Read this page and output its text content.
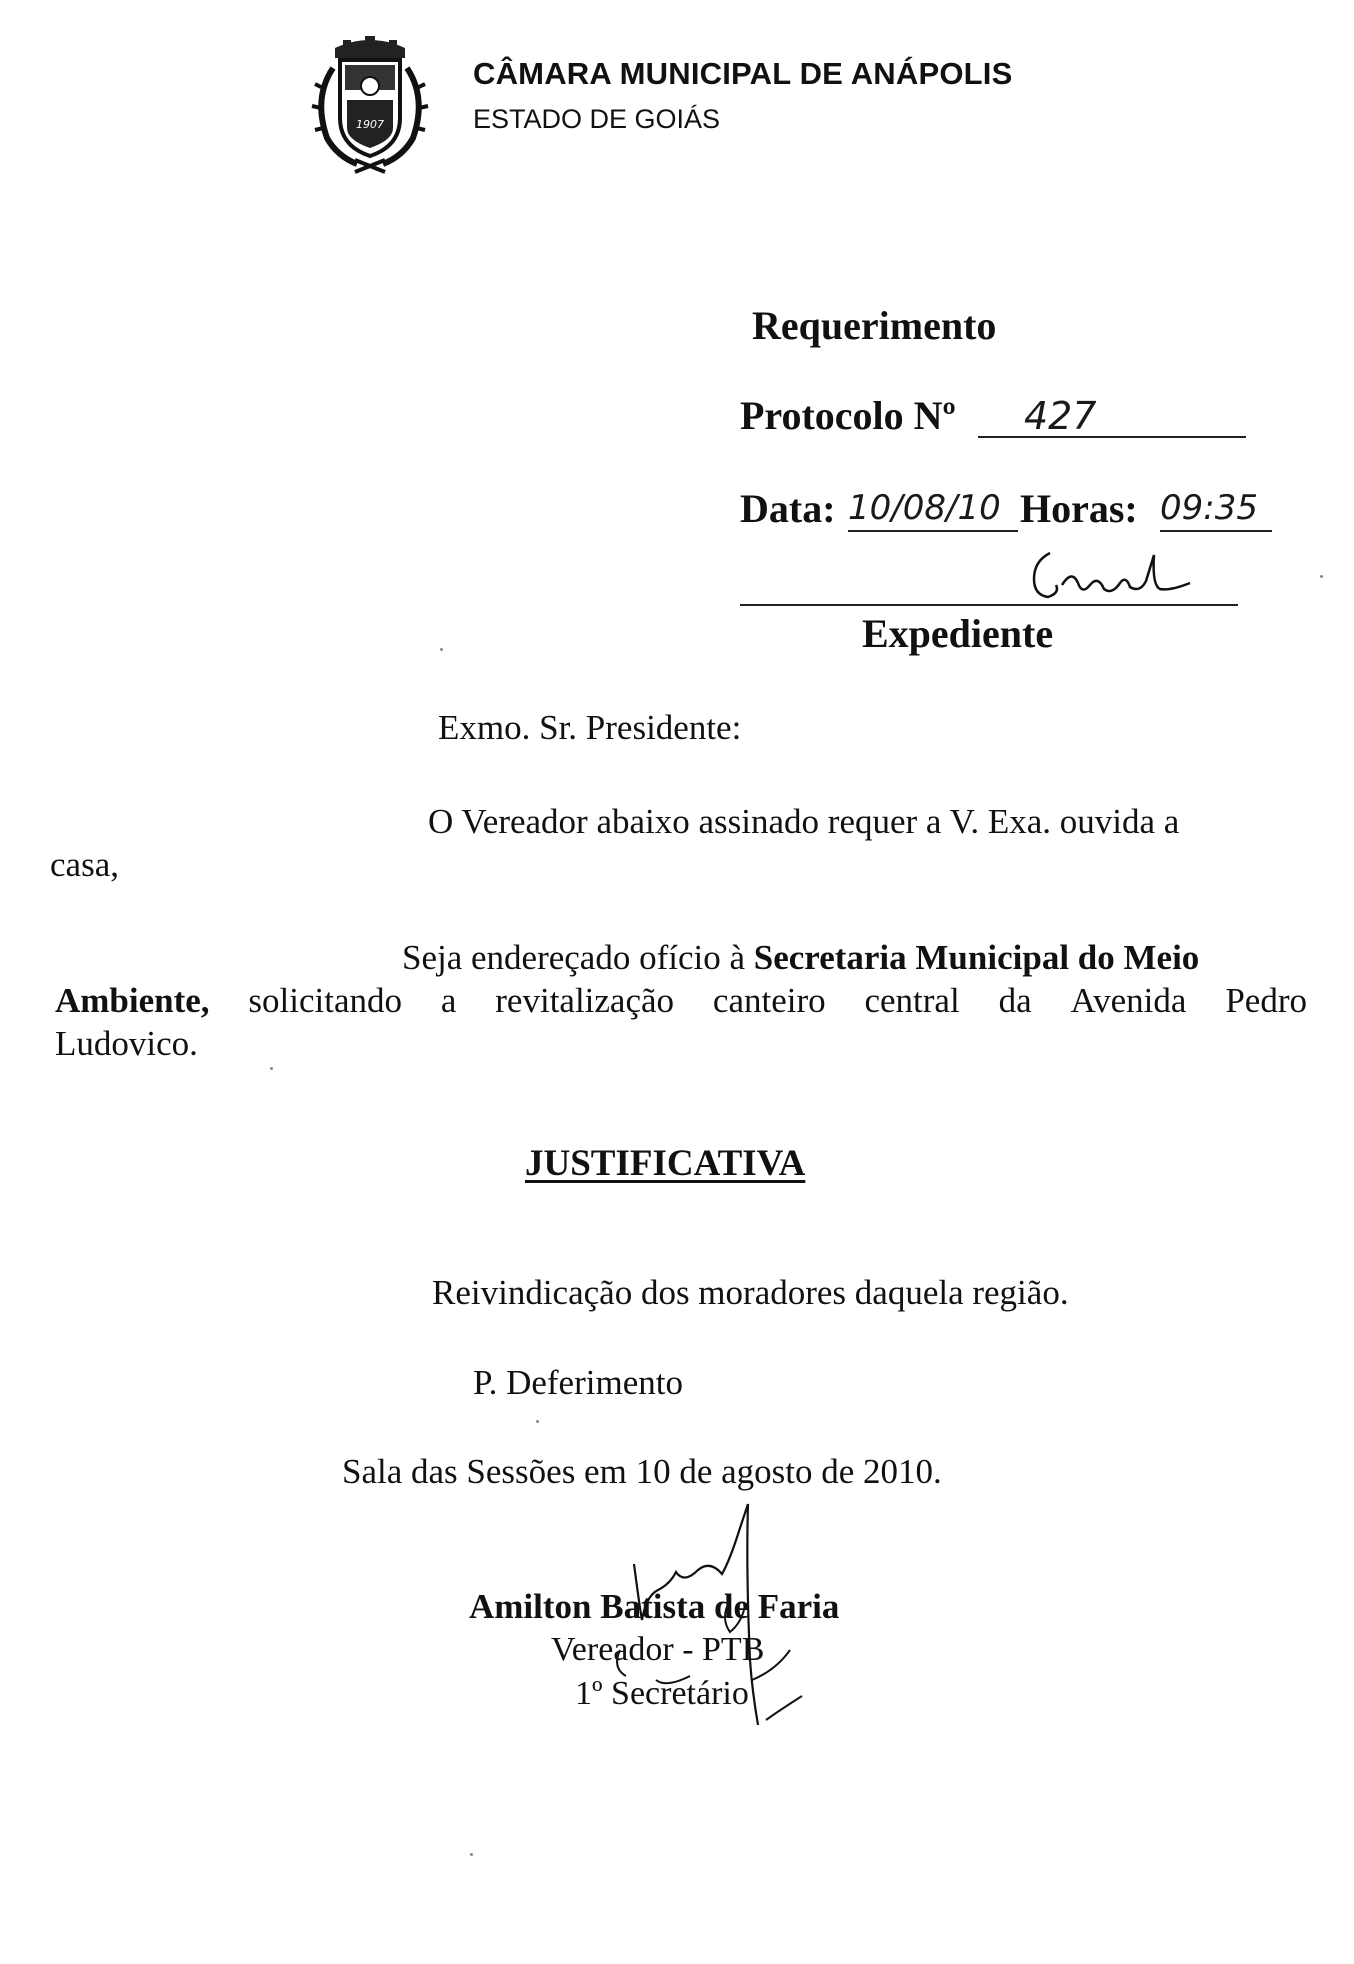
1907
CÂMARA MUNICIPAL DE ANÁPOLIS
ESTADO DE GOIÁS
Requerimento
Protocolo Nº 427
Data: 10/08/10 Horas: 09:35
Expediente
Exmo. Sr. Presidente:
O Vereador abaixo assinado requer a V. Exa. ouvida a
casa,
Seja endereçado ofício à Secretaria Municipal do Meio
Ambiente, solicitando a revitalização canteiro central da Avenida Pedro
Ludovico.
JUSTIFICATIVA
Reivindicação dos moradores daquela região.
P. Deferimento
Sala das Sessões em 10 de agosto de 2010.
Amilton Batista de Faria
Vereador - PTB
1º Secretário
